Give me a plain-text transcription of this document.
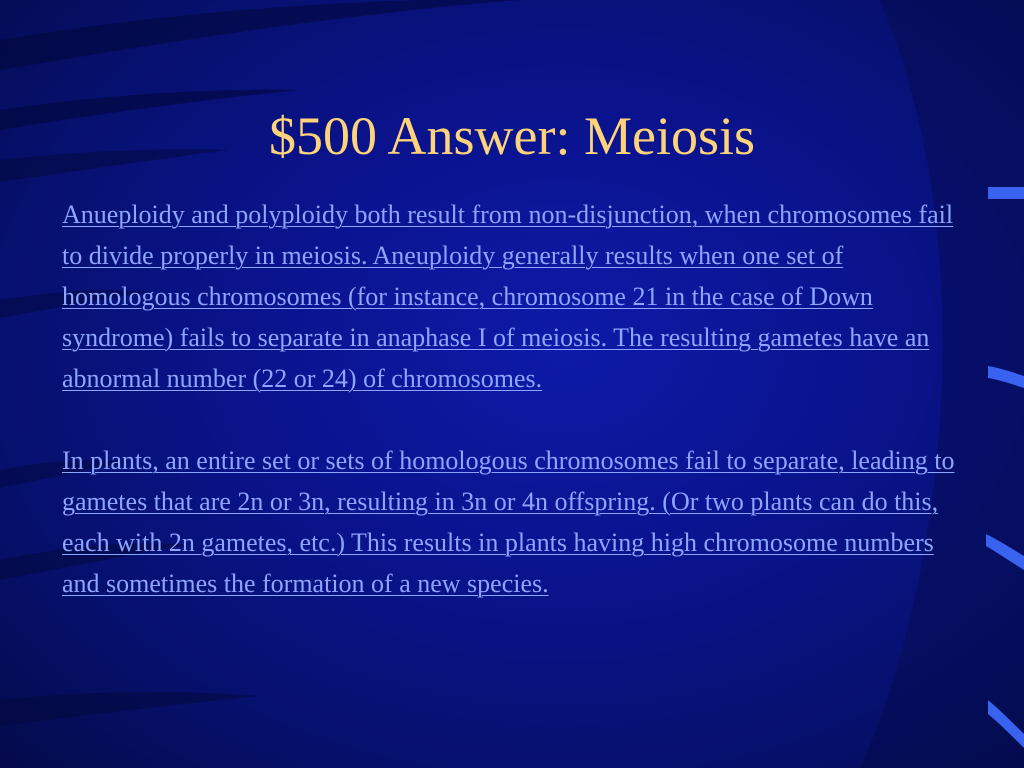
$500 Answer: Meiosis

Anueploidy and polyploidy both result from non-disjunction, when chromosomes fail to divide properly in meiosis. Aneuploidy generally results when one set of homologous chromosomes (for instance, chromosome 21 in the case of Down syndrome) fails to separate in anaphase I of meiosis. The resulting gametes have an abnormal number (22 or 24) of chromosomes.

In plants, an entire set or sets of homologous chromosomes fail to separate, leading to gametes that are 2n or 3n, resulting in 3n or 4n offspring. (Or two plants can do this, each with 2n gametes, etc.) This results in plants having high chromosome numbers and sometimes the formation of a new species.
